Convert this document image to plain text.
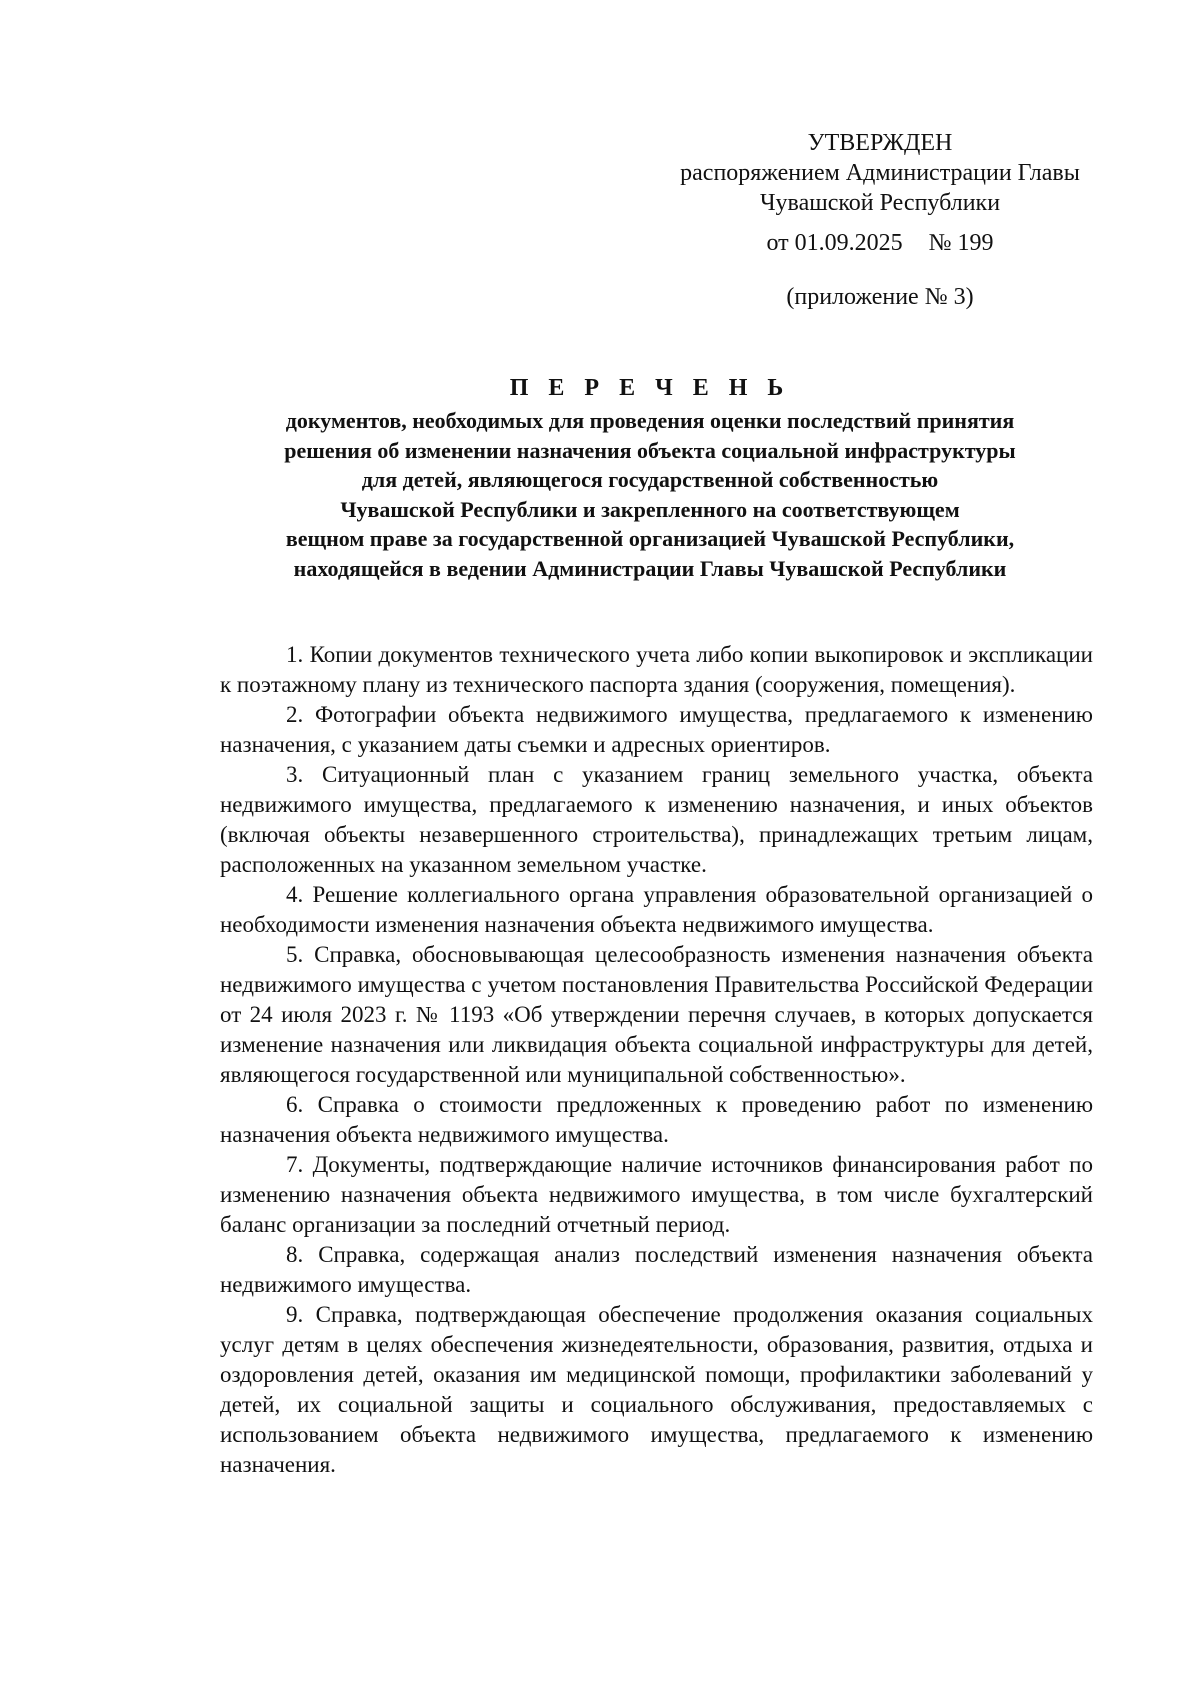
УТВЕРЖДЕН
распоряжением Администрации Главы
Чувашской Республики
от 01.09.2025 № 199
(приложение № 3)
П Е Р Е Ч Е Н Ь
документов, необходимых для проведения оценки последствий принятия
решения об изменении назначения объекта социальной инфраструктуры
для детей, являющегося государственной собственностью
Чувашской Республики и закрепленного на соответствующем
вещном праве за государственной организацией Чувашской Республики,
находящейся в ведении Администрации Главы Чувашской Республики

1. Копии документов технического учета либо копии выкопировок и экспликации к поэтажному плану из технического паспорта здания (сооружения, помещения).

2. Фотографии объекта недвижимого имущества, предлагаемого к изменению назначения, с указанием даты съемки и адресных ориентиров.

3. Ситуационный план с указанием границ земельного участка, объекта недвижимого имущества, предлагаемого к изменению назначения, и иных объектов (включая объекты незавершенного строительства), принадлежащих третьим лицам, расположенных на указанном земельном участке.

4. Решение коллегиального органа управления образовательной организацией о необходимости изменения назначения объекта недвижимого имущества.

5. Справка, обосновывающая целесообразность изменения назначения объекта недвижимого имущества с учетом постановления Правительства Российской Федерации от 24 июля 2023 г. № 1193 «Об утверждении перечня случаев, в которых допускается изменение назначения или ликвидация объекта социальной инфраструктуры для детей, являющегося государственной или муниципальной собственностью».

6. Справка о стоимости предложенных к проведению работ по изменению назначения объекта недвижимого имущества.

7. Документы, подтверждающие наличие источников финансирования работ по изменению назначения объекта недвижимого имущества, в том числе бухгалтерский баланс организации за последний отчетный период.

8. Справка, содержащая анализ последствий изменения назначения объекта недвижимого имущества.

9. Справка, подтверждающая обеспечение продолжения оказания социальных услуг детям в целях обеспечения жизнедеятельности, образования, развития, отдыха и оздоровления детей, оказания им медицинской помощи, профилактики заболеваний у детей, их социальной защиты и социального обслуживания, предоставляемых с использованием объекта недвижимого имущества, предлагаемого к изменению назначения.
